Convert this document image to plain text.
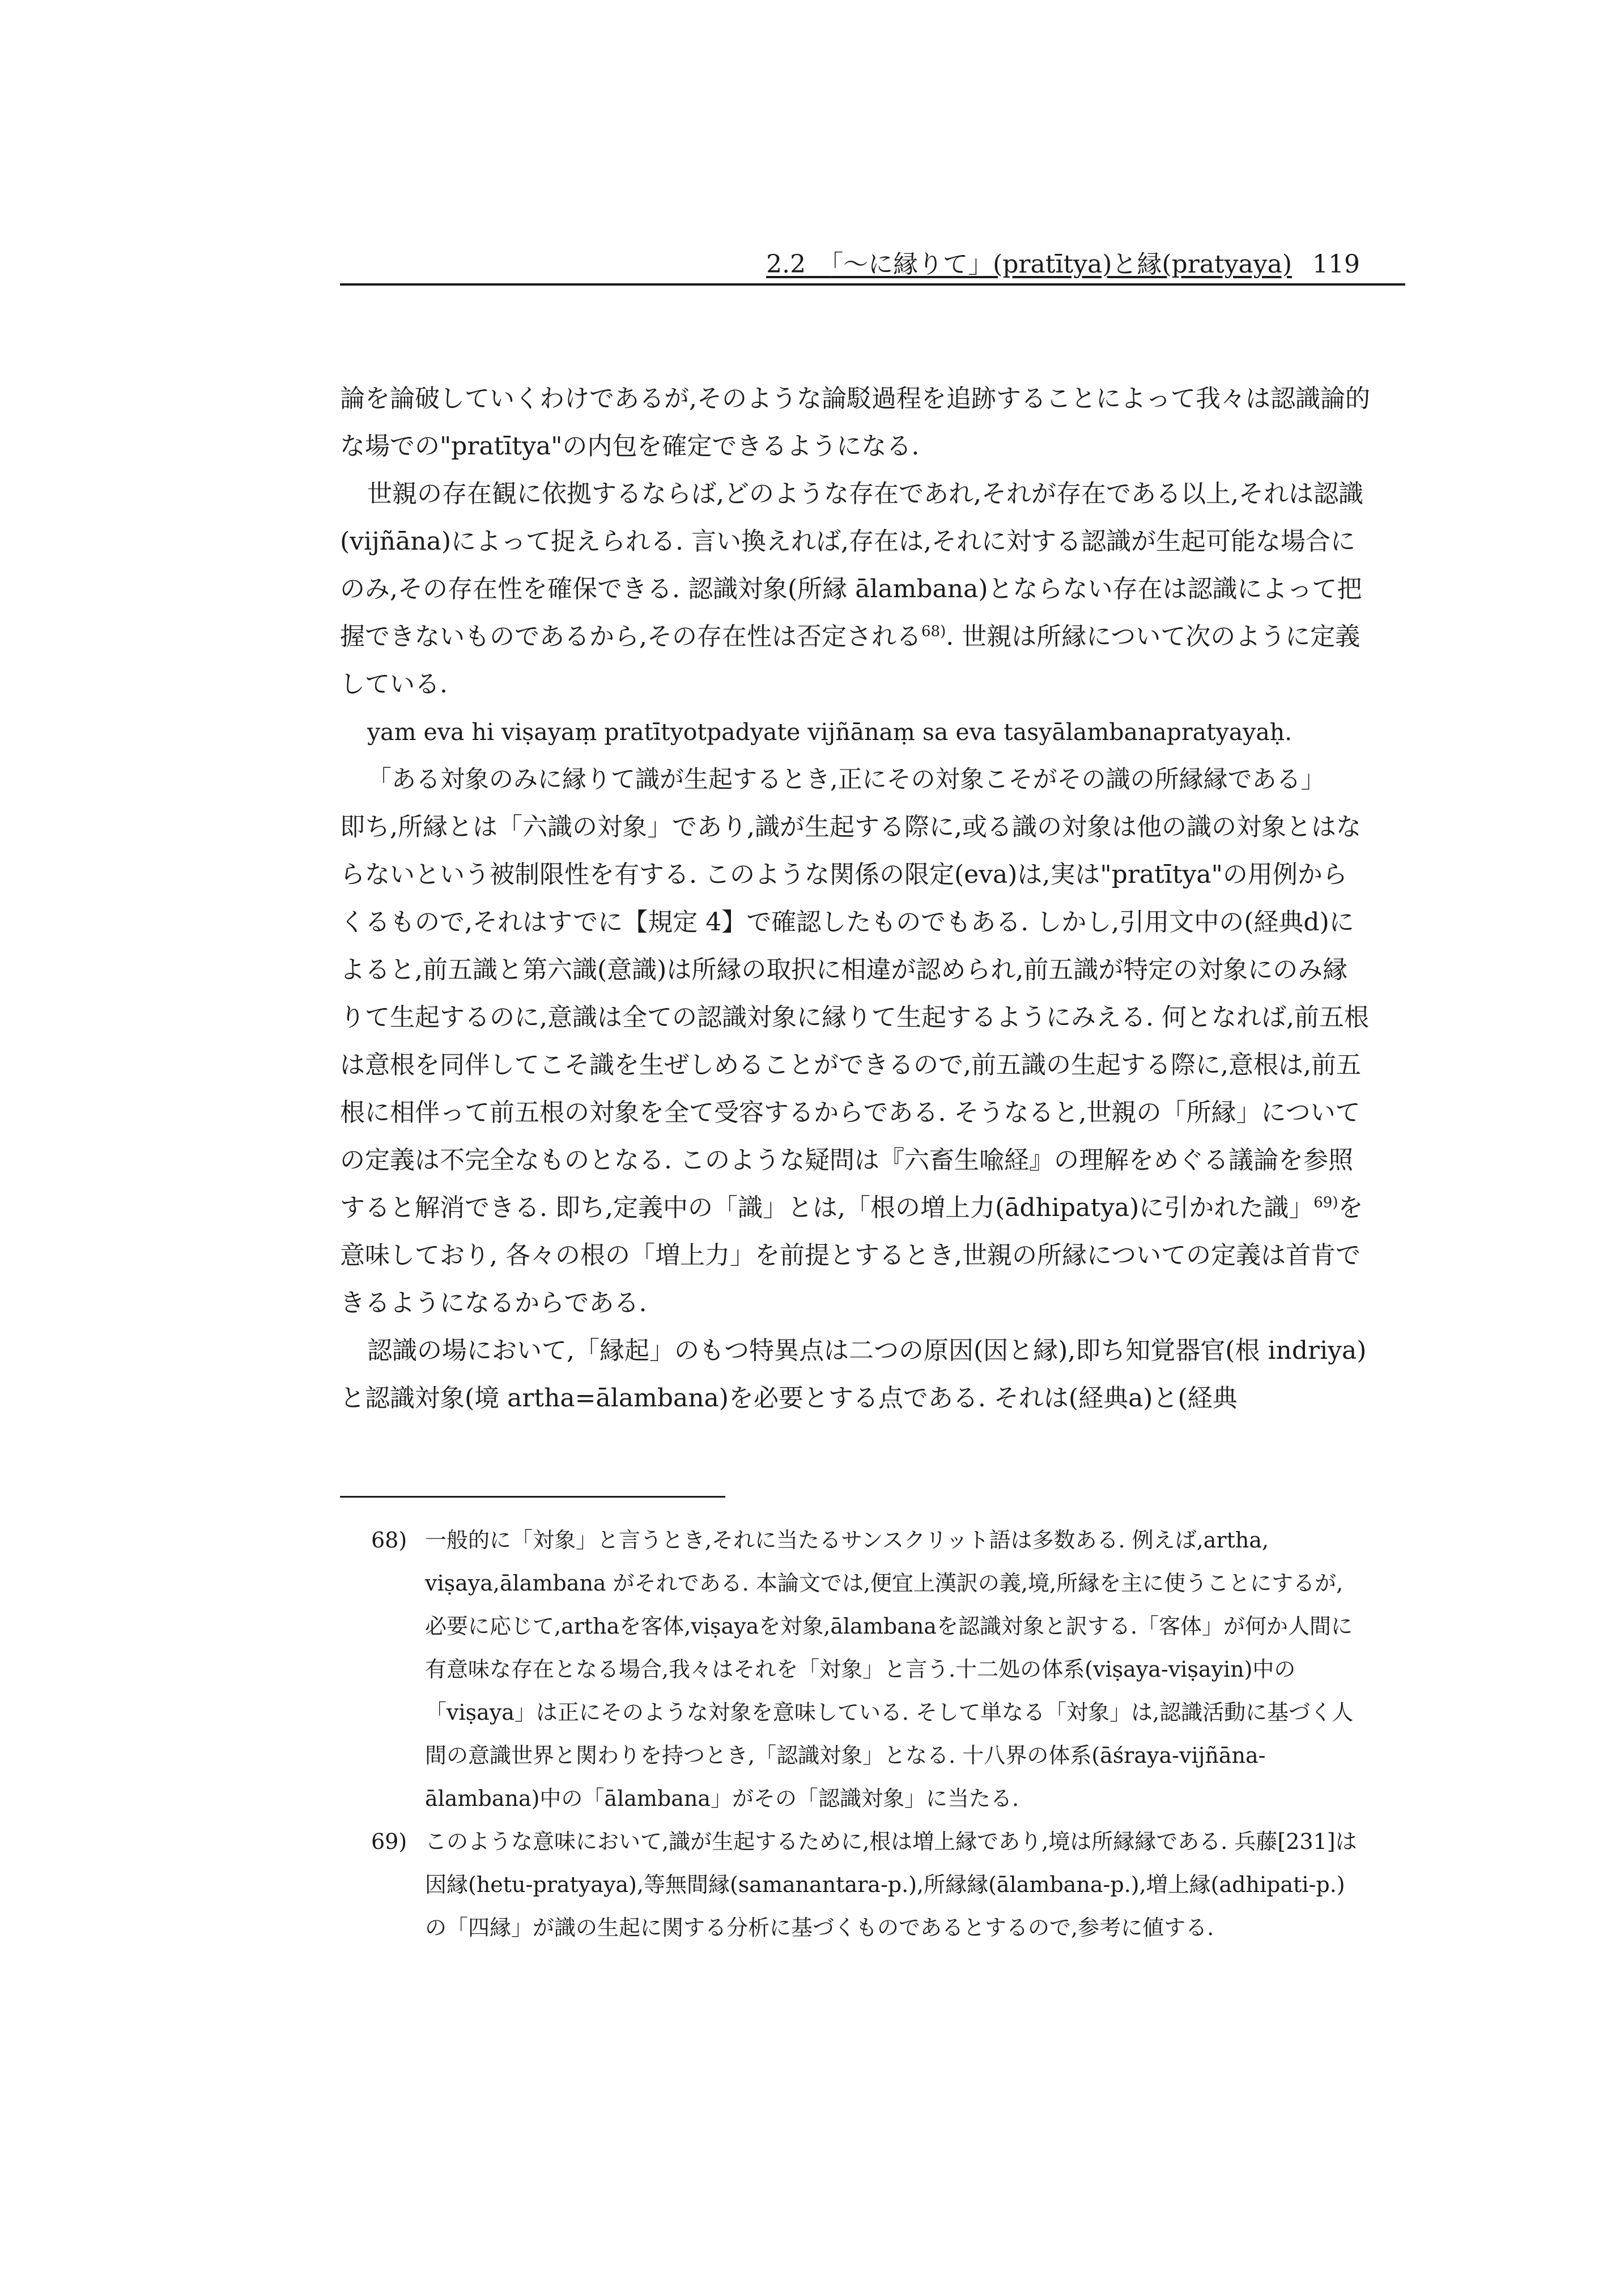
2.2　「～に縁りて」(pratītya)と縁(pratyaya) 119

論を論破していくわけであるが,そのような論駁過程を追跡することによって我々は認識論的な場での"pratītya"の内包を確定できるようになる.

世親の存在観に依拠するならば,どのような存在であれ,それが存在である以上,それは認識(vijñāna)によって捉えられる. 言い換えれば,存在は,それに対する認識が生起可能な場合にのみ,その存在性を確保できる. 認識対象(所縁 ālambana)とならない存在は認識によって把握できないものであるから,その存在性は否定される$^{68)}$. 世親は所縁について次のように定義している.

yam eva hi viṣayaṃ pratītyotpadyate vijñānaṃ sa eva tasyālambanapratyayaḥ.

「ある対象のみに縁りて識が生起するとき,正にその対象こそがその識の所縁縁である」

即ち,所縁とは「六識の対象」であり,識が生起する際に,或る識の対象は他の識の対象とはならないという被制限性を有する. このような関係の限定(eva)は,実は"pratītya"の用例からくるもので,それはすでに【規定 4】で確認したものでもある. しかし,引用文中の(経典d)によると,前五識と第六識(意識)は所縁の取択に相違が認められ,前五識が特定の対象にのみ縁りて生起するのに,意識は全ての認識対象に縁りて生起するようにみえる. 何となれば,前五根は意根を同伴してこそ識を生ぜしめることができるので,前五識の生起する際に,意根は,前五根に相伴って前五根の対象を全て受容するからである. そうなると,世親の「所縁」についての定義は不完全なものとなる. このような疑問は『六畜生喩経』の理解をめぐる議論を参照すると解消できる. 即ち,定義中の「識」とは,「根の増上力(ādhipatya)に引かれた識」$^{69)}$を意味しており, 各々の根の「増上力」を前提とするとき,世親の所縁についての定義は首肯できるようになるからである.

認識の場において,「縁起」のもつ特異点は二つの原因(因と縁),即ち知覚器官(根 indriya)と認識対象(境 artha=ālambana)を必要とする点である. それは(経典a)と(経典

68) 一般的に「対象」と言うとき,それに当たるサンスクリット語は多数ある. 例えば,artha, viṣaya,ālambana がそれである. 本論文では,便宜上漢訳の義,境,所縁を主に使うことにするが,必要に応じて,arthaを客体,viṣayaを対象,ālambanaを認識対象と訳する.「客体」が何か人間に有意味な存在となる場合,我々はそれを「対象」と言う.十二処の体系(viṣaya-viṣayin)中の「viṣaya」は正にそのような対象を意味している. そして単なる「対象」は,認識活動に基づく人間の意識世界と関わりを持つとき,「認識対象」となる. 十八界の体系(āśraya-vijñāna-ālambana)中の「ālambana」がその「認識対象」に当たる.

69) このような意味において,識が生起するために,根は増上縁であり,境は所縁縁である. 兵藤[231]は因縁(hetu-pratyaya),等無間縁(samanantara-p.),所縁縁(ālambana-p.),増上縁(adhipati-p.)の「四縁」が識の生起に関する分析に基づくものであるとするので,参考に値する.
